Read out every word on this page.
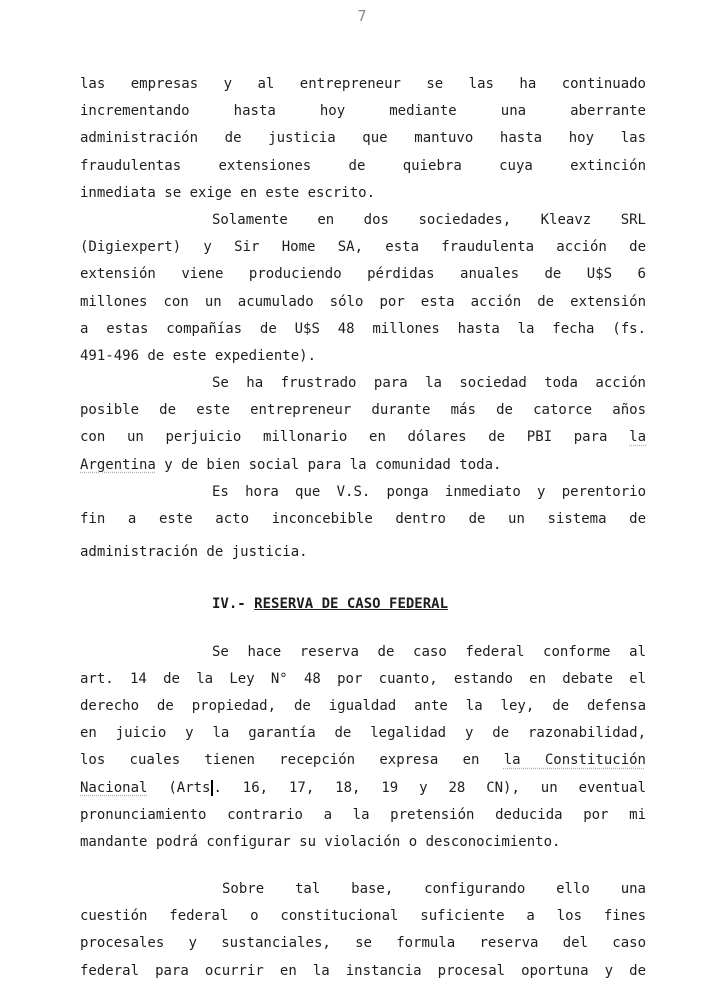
7
las empresas y al entrepreneur se las ha continuado
incrementando hasta hoy mediante una aberrante
administración de justicia que mantuvo hasta hoy las
fraudulentas extensiones de quiebra cuya extinción
inmediata se exige en este escrito.
Solamente en dos sociedades, Kleavz SRL
(Digiexpert) y Sir Home SA, esta fraudulenta acción de
extensión viene produciendo pérdidas anuales de U$S 6
millones con un acumulado sólo por esta acción de extensión
a estas compañías de U$S 48 millones hasta la fecha (fs.
491-496 de este expediente).
Se ha frustrado para la sociedad toda acción
posible de este entrepreneur durante más de catorce años
con un perjuicio millonario en dólares de PBI para la
Argentina y de bien social para la comunidad toda.
Es hora que V.S. ponga inmediato y perentorio
fin a este acto inconcebible dentro de un sistema de
administración de justicia.
IV.- RESERVA DE CASO FEDERAL
Se hace reserva de caso federal conforme al
art. 14 de la Ley N° 48 por cuanto, estando en debate el
derecho de propiedad, de igualdad ante la ley, de defensa
en juicio y la garantía de legalidad y de razonabilidad,
los cuales tienen recepción expresa en la Constitución
Nacional (Arts . 16, 17, 18, 19 y 28 CN), un eventual
pronunciamiento contrario a la pretensión deducida por mi
mandante podrá configurar su violación o desconocimiento.
Sobre tal base, configurando ello una
cuestión federal o constitucional suficiente a los fines
procesales y sustanciales, se formula reserva del caso
federal para ocurrir en la instancia procesal oportuna y de
